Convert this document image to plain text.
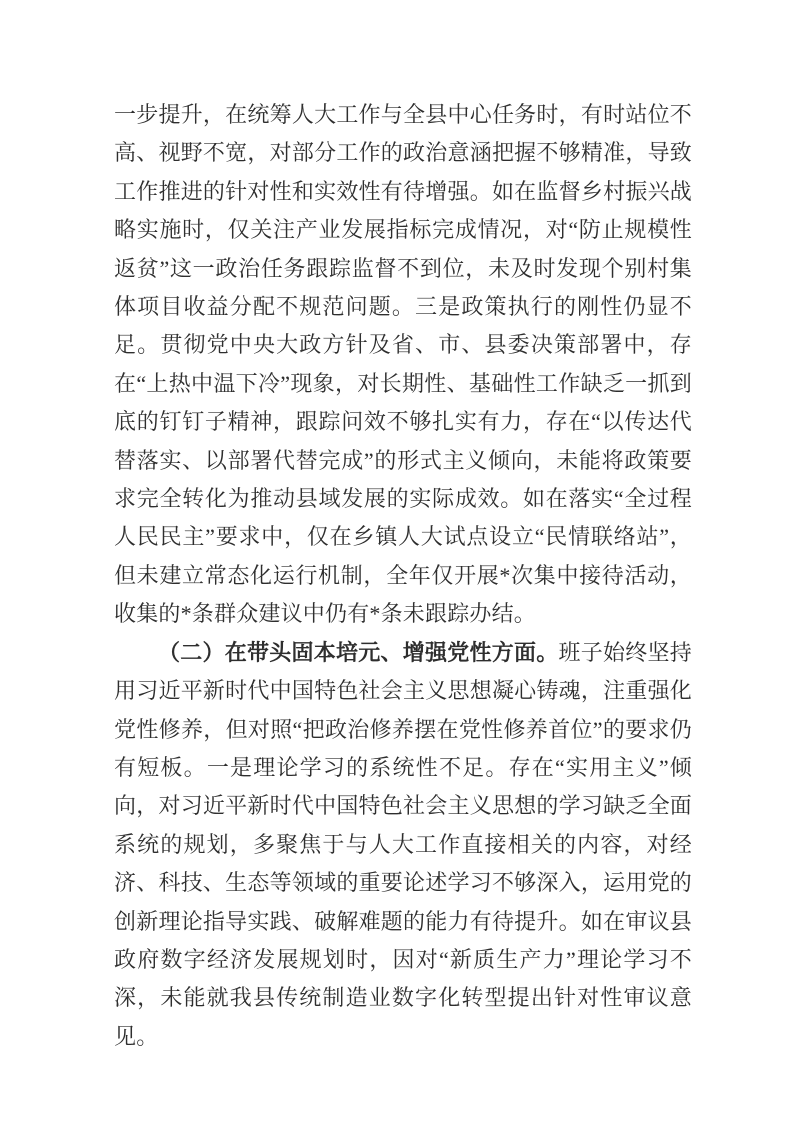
一步提升，在统筹人大工作与全县中心任务时，有时站位不高、视野不宽，对部分工作的政治意涵把握不够精准，导致工作推进的针对性和实效性有待增强。如在监督乡村振兴战略实施时，仅关注产业发展指标完成情况，对“防止规模性返贫”这一政治任务跟踪监督不到位，未及时发现个别村集体项目收益分配不规范问题。三是政策执行的刚性仍显不足。贯彻党中央大政方针及省、市、县委决策部署中，存在“上热中温下冷”现象，对长期性、基础性工作缺乏一抓到底的钉钉子精神，跟踪问效不够扎实有力，存在“以传达代替落实、以部署代替完成”的形式主义倾向，未能将政策要求完全转化为推动县域发展的实际成效。如在落实“全过程人民民主”要求中，仅在乡镇人大试点设立“民情联络站”，但未建立常态化运行机制，全年仅开展*次集中接待活动，收集的*条群众建议中仍有*条未跟踪办结。

（二）在带头固本培元、增强党性方面。班子始终坚持用习近平新时代中国特色社会主义思想凝心铸魂，注重强化党性修养，但对照“把政治修养摆在党性修养首位”的要求仍有短板。一是理论学习的系统性不足。存在“实用主义”倾向，对习近平新时代中国特色社会主义思想的学习缺乏全面系统的规划，多聚焦于与人大工作直接相关的内容，对经济、科技、生态等领域的重要论述学习不够深入，运用党的创新理论指导实践、破解难题的能力有待提升。如在审议县政府数字经济发展规划时，因对“新质生产力”理论学习不深，未能就我县传统制造业数字化转型提出针对性审议意见。
